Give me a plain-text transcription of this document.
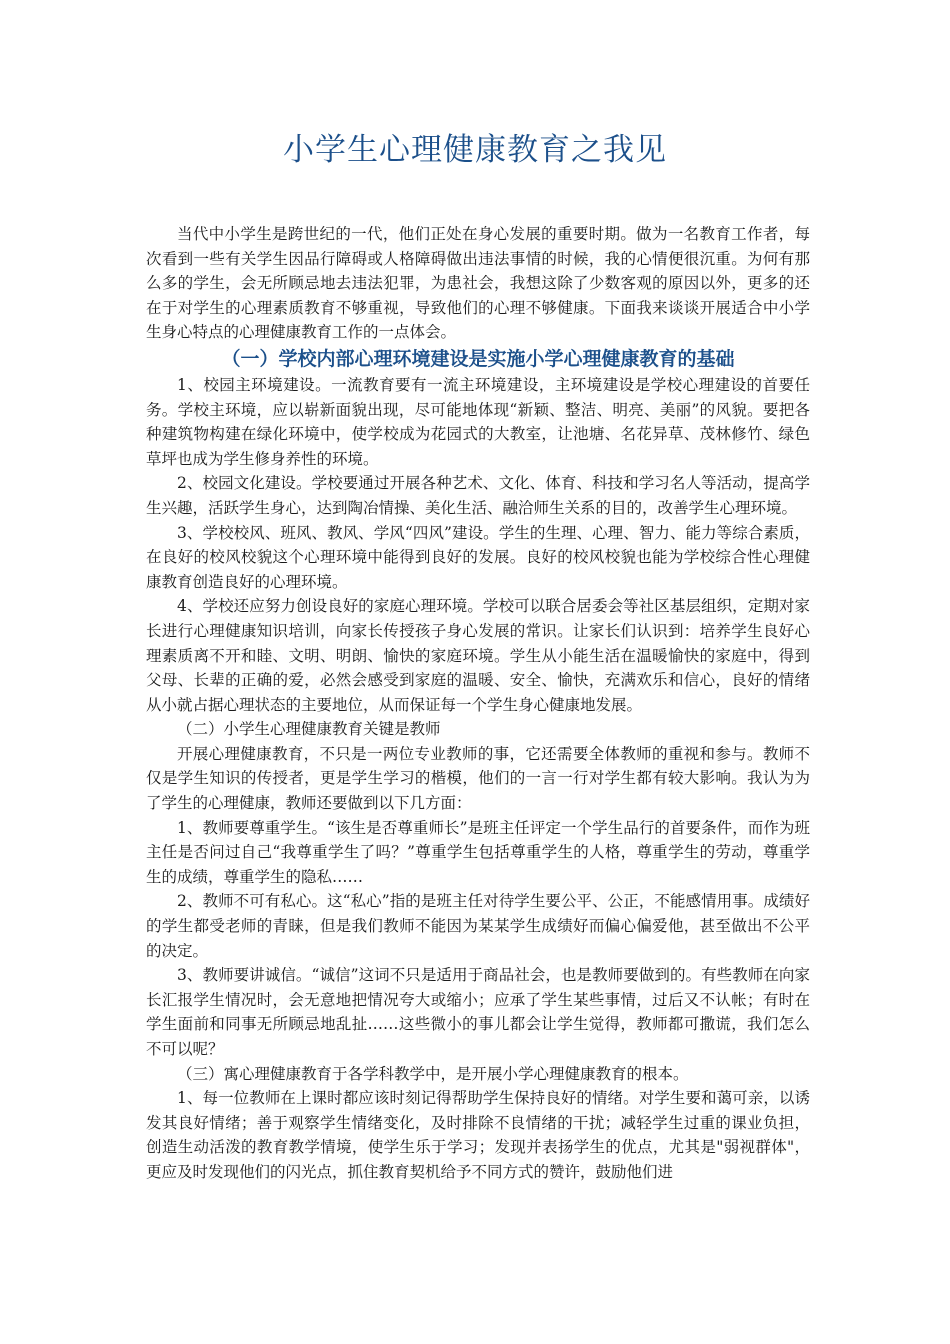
小学生心理健康教育之我见

当代中小学生是跨世纪的一代，他们正处在身心发展的重要时期。做为一名教育工作者，每次看到一些有关学生因品行障碍或人格障碍做出违法事情的时候，我的心情便很沉重。为何有那么多的学生，会无所顾忌地去违法犯罪，为患社会，我想这除了少数客观的原因以外，更多的还在于对学生的心理素质教育不够重视，导致他们的心理不够健康。下面我来谈谈开展适合中小学生身心特点的心理健康教育工作的一点体会。

（一）学校内部心理环境建设是实施小学心理健康教育的基础

1、校园主环境建设。一流教育要有一流主环境建设，主环境建设是学校心理建设的首要任务。学校主环境，应以崭新面貌出现，尽可能地体现“新颖、整洁、明亮、美丽”的风貌。要把各种建筑物构建在绿化环境中，使学校成为花园式的大教室，让池塘、名花异草、茂林修竹、绿色草坪也成为学生修身养性的环境。

2、校园文化建设。学校要通过开展各种艺术、文化、体育、科技和学习名人等活动，提高学生兴趣，活跃学生身心，达到陶冶情操、美化生活、融洽师生关系的目的，改善学生心理环境。

3、学校校风、班风、教风、学风“四风”建设。学生的生理、心理、智力、能力等综合素质，在良好的校风校貌这个心理环境中能得到良好的发展。良好的校风校貌也能为学校综合性心理健康教育创造良好的心理环境。

4、学校还应努力创设良好的家庭心理环境。学校可以联合居委会等社区基层组织，定期对家长进行心理健康知识培训，向家长传授孩子身心发展的常识。让家长们认识到：培养学生良好心理素质离不开和睦、文明、明朗、愉快的家庭环境。学生从小能生活在温暖愉快的家庭中，得到父母、长辈的正确的爱，必然会感受到家庭的温暖、安全、愉快，充满欢乐和信心，良好的情绪从小就占据心理状态的主要地位，从而保证每一个学生身心健康地发展。

（二）小学生心理健康教育关键是教师

开展心理健康教育，不只是一两位专业教师的事，它还需要全体教师的重视和参与。教师不仅是学生知识的传授者，更是学生学习的楷模，他们的一言一行对学生都有较大影响。我认为为了学生的心理健康，教师还要做到以下几方面：

1、教师要尊重学生。“该生是否尊重师长”是班主任评定一个学生品行的首要条件，而作为班主任是否问过自己“我尊重学生了吗？”尊重学生包括尊重学生的人格，尊重学生的劳动，尊重学生的成绩，尊重学生的隐私……

2、教师不可有私心。这“私心”指的是班主任对待学生要公平、公正，不能感情用事。成绩好的学生都受老师的青睐，但是我们教师不能因为某某学生成绩好而偏心偏爱他，甚至做出不公平的决定。

3、教师要讲诚信。“诚信”这词不只是适用于商品社会，也是教师要做到的。有些教师在向家长汇报学生情况时，会无意地把情况夸大或缩小；应承了学生某些事情，过后又不认帐；有时在学生面前和同事无所顾忌地乱扯……这些微小的事儿都会让学生觉得，教师都可撒谎，我们怎么不可以呢？

（三）寓心理健康教育于各学科教学中，是开展小学心理健康教育的根本。

1、每一位教师在上课时都应该时刻记得帮助学生保持良好的情绪。对学生要和蔼可亲，以诱发其良好情绪；善于观察学生情绪变化，及时排除不良情绪的干扰；减轻学生过重的课业负担，创造生动活泼的教育教学情境，使学生乐于学习；发现并表扬学生的优点，尤其是"弱视群体"，更应及时发现他们的闪光点，抓住教育契机给予不同方式的赞许，鼓励他们进
